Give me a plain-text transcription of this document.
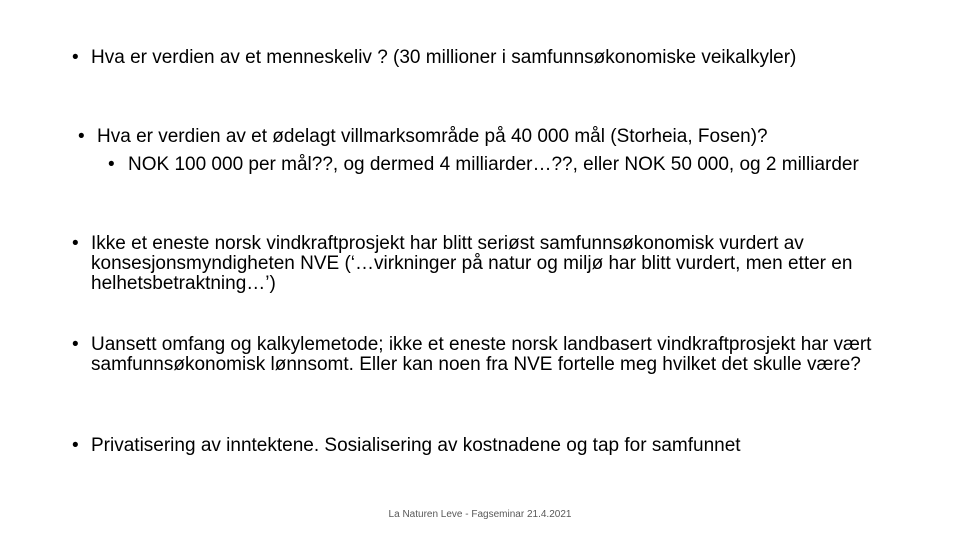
• Hva er verdien av et menneskeliv ? (30 millioner i samfunnsøkonomiske veikalkyler)
• Hva er verdien av et ødelagt villmarksområde på 40 000 mål (Storheia, Fosen)?
• NOK 100 000 per mål??, og dermed 4 milliarder…??, eller NOK 50 000, og 2 milliarder
• Ikke et eneste norsk vindkraftprosjekt har blitt seriøst samfunnsøkonomisk vurdert av konsesjonsmyndigheten NVE (‘…virkninger på natur og miljø har blitt vurdert, men etter en helhetsbetraktning…’)
• Uansett omfang og kalkylemetode; ikke et eneste norsk landbasert vindkraftprosjekt har vært samfunnsøkonomisk lønnsomt. Eller kan noen fra NVE fortelle meg hvilket det skulle være?
• Privatisering av inntektene. Sosialisering av kostnadene og tap for samfunnet
La Naturen Leve - Fagseminar 21.4.2021
